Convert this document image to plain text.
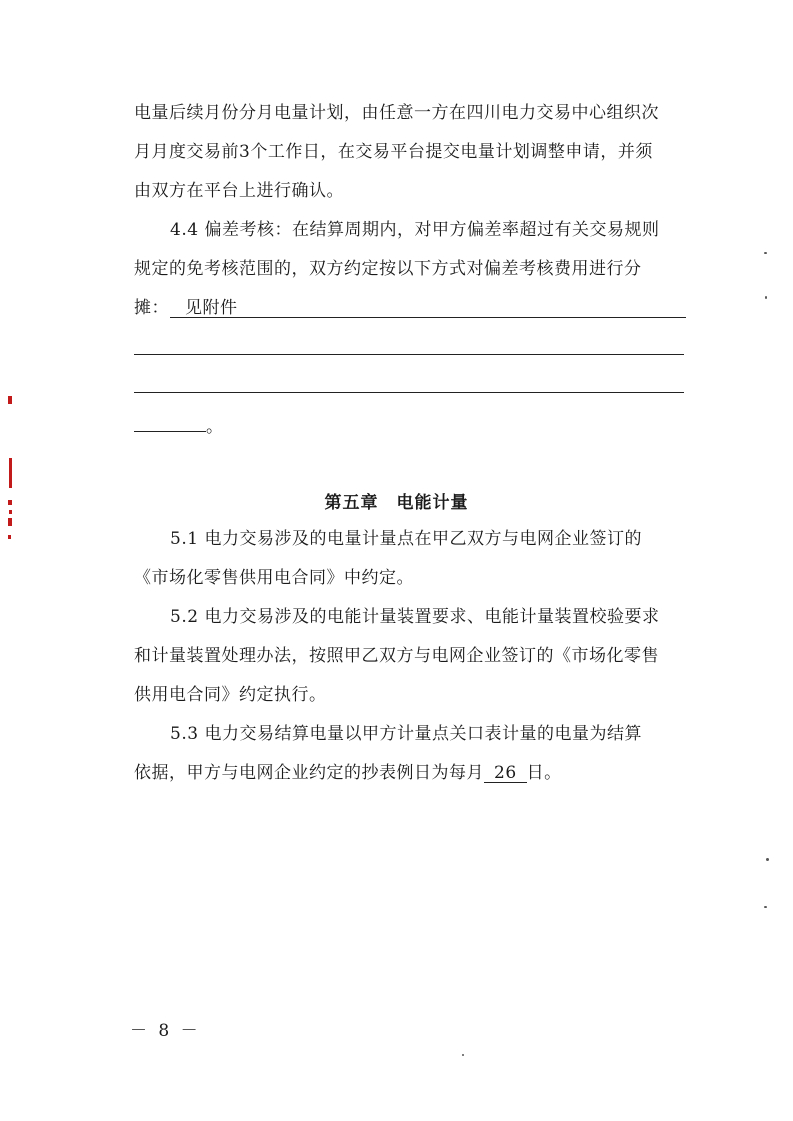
电量后续月份分月电量计划，由任意一方在四川电力交易中心组织次
月月度交易前3个工作日，在交易平台提交电量计划调整申请，并须
由双方在平台上进行确认。
4.4 偏差考核：在结算周期内，对甲方偏差率超过有关交易规则
规定的免考核范围的，双方约定按以下方式对偏差考核费用进行分
摊： 见附件
。
第五章　电能计量
5.1 电力交易涉及的电量计量点在甲乙双方与电网企业签订的
《市场化零售供用电合同》中约定。
5.2 电力交易涉及的电能计量装置要求、电能计量装置校验要求
和计量装置处理办法，按照甲乙双方与电网企业签订的《市场化零售
供用电合同》约定执行。
5.3 电力交易结算电量以甲方计量点关口表计量的电量为结算
依据，甲方与电网企业约定的抄表例日为每月 26 日。
－ 8 －
